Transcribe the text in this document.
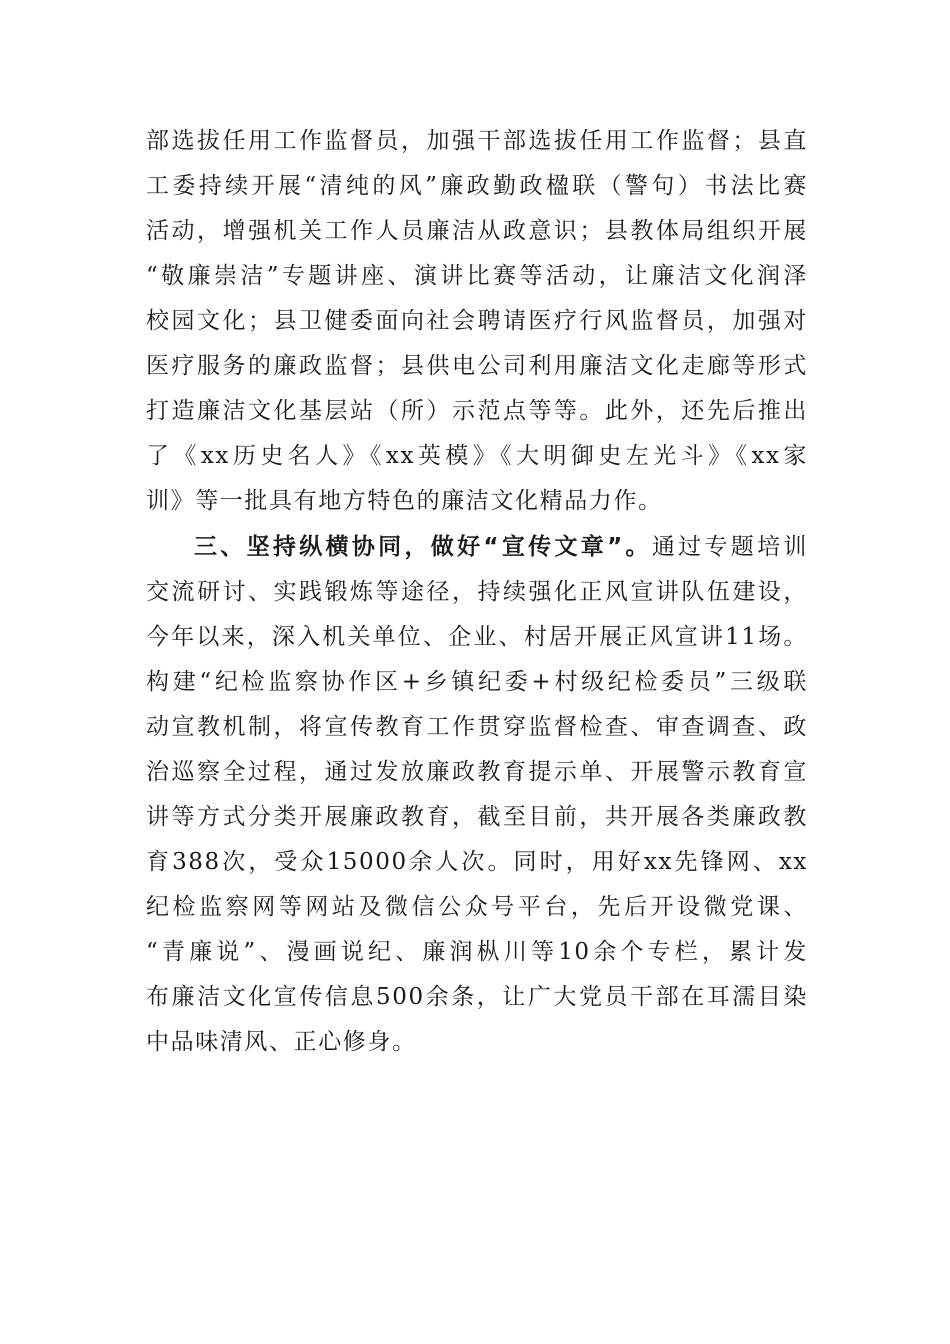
部选拔任用工作监督员，加强干部选拔任用工作监督；县直
工委持续开展“清纯的风”廉政勤政楹联（警句）书法比赛
活动，增强机关工作人员廉洁从政意识；县教体局组织开展
“敬廉崇洁”专题讲座、演讲比赛等活动，让廉洁文化润泽
校园文化；县卫健委面向社会聘请医疗行风监督员，加强对
医疗服务的廉政监督；县供电公司利用廉洁文化走廊等形式
打造廉洁文化基层站（所）示范点等等。此外，还先后推出
了《xx历史名人》《xx英模》《大明御史左光斗》《xx家
训》等一批具有地方特色的廉洁文化精品力作。
三、坚持纵横协同，做好“宣传文章”。通过专题培训
交流研讨、实践锻炼等途径，持续强化正风宣讲队伍建设，
今年以来，深入机关单位、企业、村居开展正风宣讲11场。
构建“纪检监察协作区+乡镇纪委+村级纪检委员”三级联
动宣教机制，将宣传教育工作贯穿监督检查、审查调查、政
治巡察全过程，通过发放廉政教育提示单、开展警示教育宣
讲等方式分类开展廉政教育，截至目前，共开展各类廉政教
育388次，受众15000余人次。同时，用好xx先锋网、xx
纪检监察网等网站及微信公众号平台，先后开设微党课、
“青廉说”、漫画说纪、廉润枞川等10余个专栏，累计发
布廉洁文化宣传信息500余条，让广大党员干部在耳濡目染
中品味清风、正心修身。
